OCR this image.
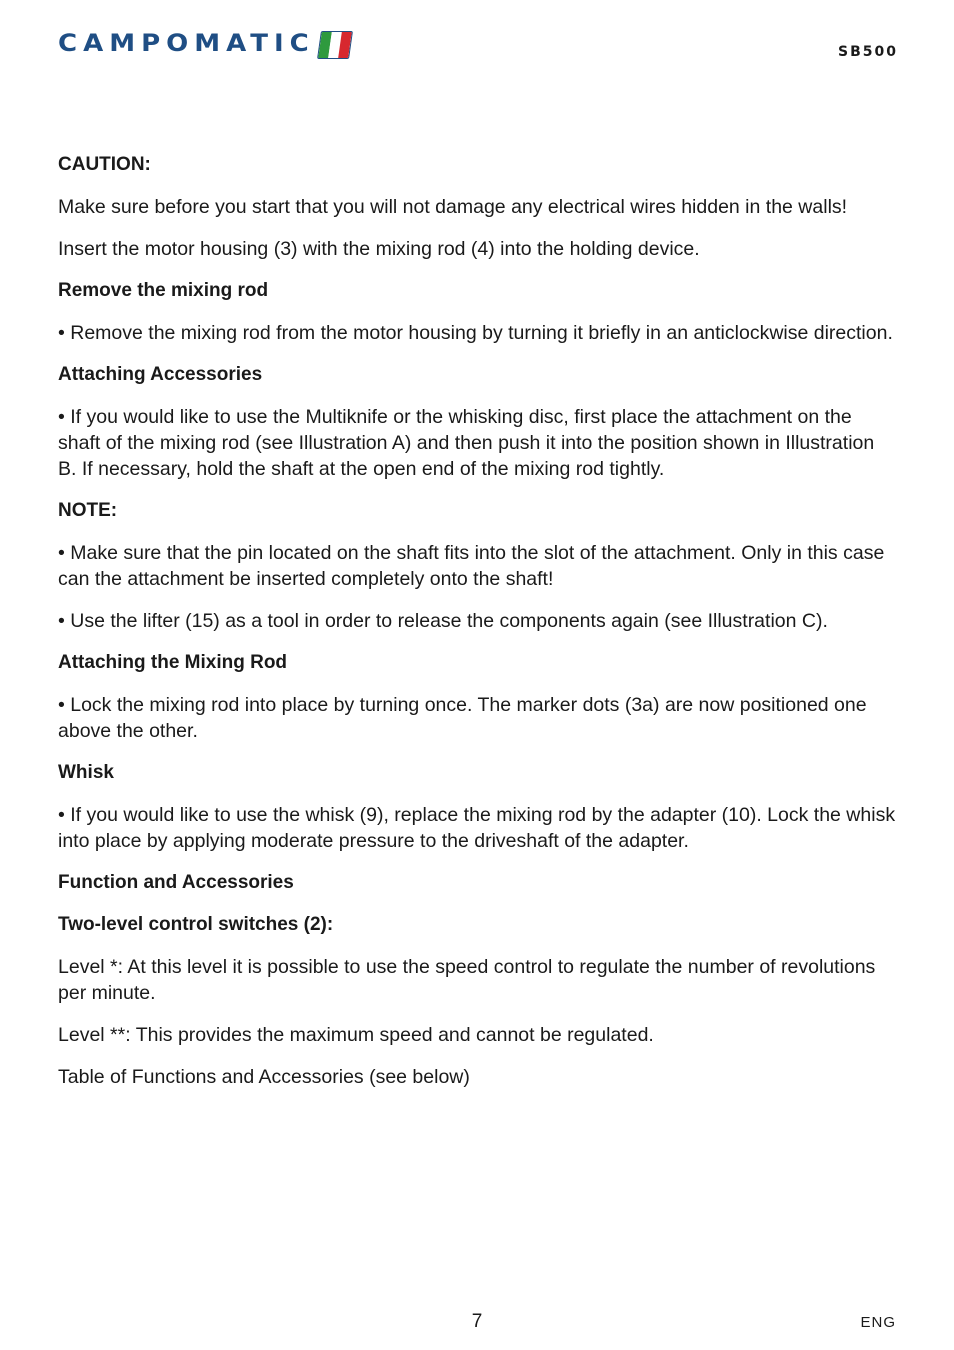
CAMPOMATIC	SB500

CAUTION:

Make sure before you start that you will not damage any electrical wires hidden in the walls!

Insert the motor housing (3) with the mixing rod (4) into the holding device.

Remove the mixing rod

• Remove the mixing rod from the motor housing by turning it briefly in an anticlockwise direction.

Attaching Accessories

• If you would like to use the Multiknife or the whisking disc, first place the attachment on the shaft of the mixing rod (see Illustration A) and then push it into the position shown in Illustration B. If necessary, hold the shaft at the open end of the mixing rod tightly.

NOTE:

• Make sure that the pin located on the shaft fits into the slot of the attachment. Only in this case can the attachment be inserted completely onto the shaft!

• Use the lifter (15) as a tool in order to release the components again (see Illustration C).

Attaching the Mixing Rod

• Lock the mixing rod into place by turning once. The marker dots (3a) are now positioned one above the other.

Whisk

• If you would like to use the whisk (9), replace the mixing rod by the adapter (10). Lock the whisk into place by applying moderate pressure to the driveshaft of the adapter.

Function and Accessories

Two-level control switches (2):

Level *: At this level it is possible to use the speed control to regulate the number of revolutions per minute.

Level **: This provides the maximum speed and cannot be regulated.

Table of Functions and Accessories (see below)

7	ENG
